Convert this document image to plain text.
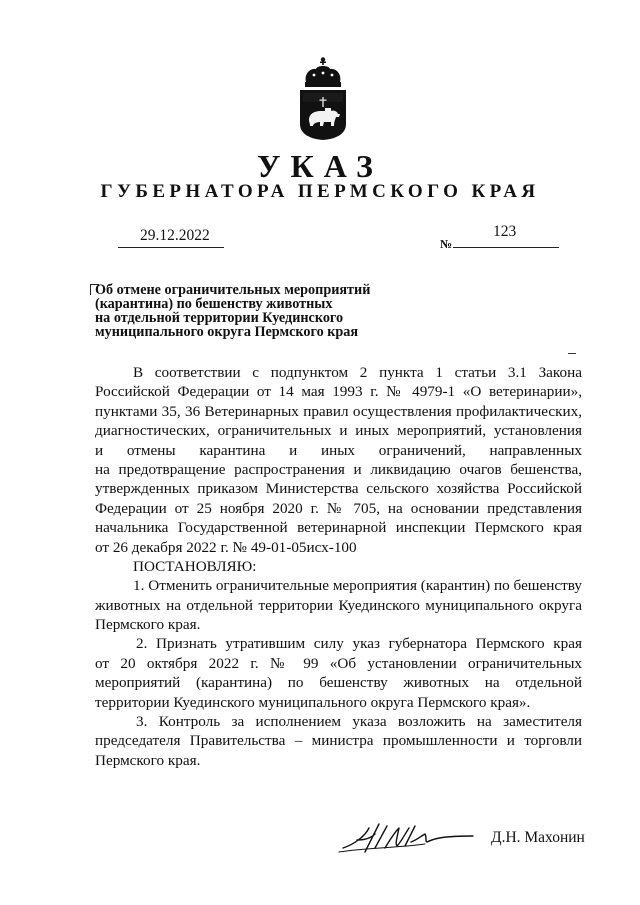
УКАЗ
ГУБЕРНАТОРА ПЕРМСКОГО КРАЯ
29.12.2022	№
123
Об отмене ограничительных мероприятий
(карантина) по бешенству животных
на отдельной территории Куединского
муниципального округа Пермского края
В соответствии с подпунктом 2 пункта 1 статьи 3.1 Закона
Российской Федерации от 14 мая 1993 г. № 4979-1 «О ветеринарии»,
пунктами 35, 36 Ветеринарных правил осуществления профилактических,
диагностических, ограничительных и иных мероприятий, установления
и отмены карантина и иных ограничений, направленных
на предотвращение распространения и ликвидацию очагов бешенства,
утвержденных приказом Министерства сельского хозяйства Российской
Федерации от 25 ноября 2020 г. № 705, на основании представления
начальника Государственной ветеринарной инспекции Пермского края
от 26 декабря 2022 г. № 49-01-05исх-100
ПОСТАНОВЛЯЮ:
1. Отменить ограничительные мероприятия (карантин) по бешенству
животных на отдельной территории Куединского муниципального округа
Пермского края.
2. Признать утратившим силу указ губернатора Пермского края
от 20 октября 2022 г. № 99 «Об установлении ограничительных
мероприятий (карантина) по бешенству животных на отдельной
территории Куединского муниципального округа Пермского края».
3. Контроль за исполнением указа возложить на заместителя
председателя Правительства – министра промышленности и торговли
Пермского края.
Д.Н. Махонин
